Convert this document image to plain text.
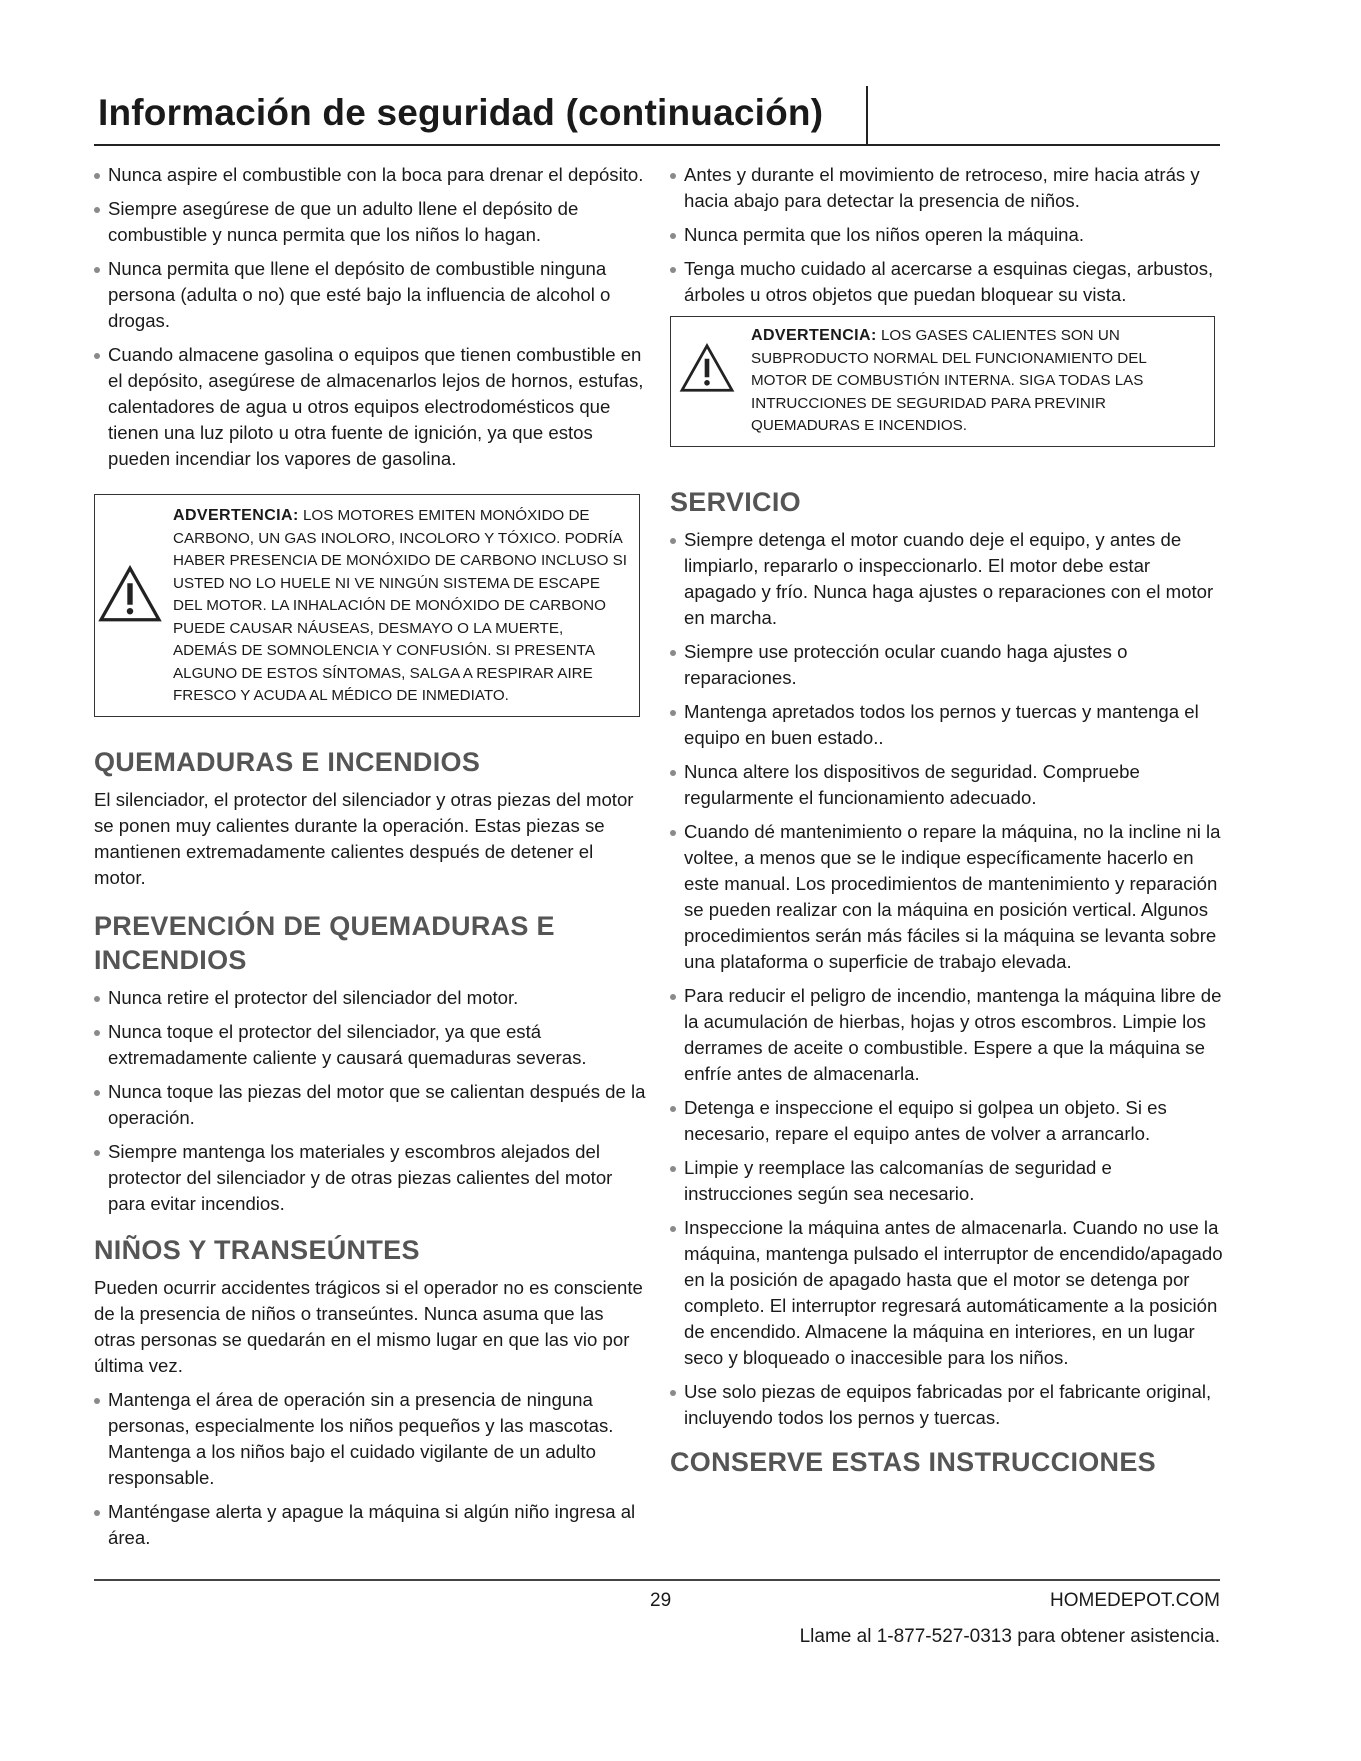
Información de seguridad (continuación)
Nunca aspire el combustible con la boca para drenar el depósito.
Siempre asegúrese de que un adulto llene el depósito de combustible y nunca permita que los niños lo hagan.
Nunca permita que llene el depósito de combustible ninguna persona (adulta o no) que esté bajo la influencia de alcohol o drogas.
Cuando almacene gasolina o equipos que tienen combustible en el depósito, asegúrese de almacenarlos lejos de hornos, estufas, calentadores de agua u otros equipos electrodomésticos que tienen una luz piloto u otra fuente de ignición, ya que estos pueden incendiar los vapores de gasolina.
ADVERTENCIA: LOS MOTORES EMITEN MONÓXIDO DE CARBONO, UN GAS INOLORO, INCOLORO Y TÓXICO. PODRÍA HABER PRESENCIA DE MONÓXIDO DE CARBONO INCLUSO SI USTED NO LO HUELE NI VE NINGÚN SISTEMA DE ESCAPE DEL MOTOR. LA INHALACIÓN DE MONÓXIDO DE CARBONO PUEDE CAUSAR NÁUSEAS, DESMAYO O LA MUERTE, ADEMÁS DE SOMNOLENCIA Y CONFUSIÓN. SI PRESENTA ALGUNO DE ESTOS SÍNTOMAS, SALGA A RESPIRAR AIRE FRESCO Y ACUDA AL MÉDICO DE INMEDIATO.
QUEMADURAS E INCENDIOS

El silenciador, el protector del silenciador y otras piezas del motor se ponen muy calientes durante la operación. Estas piezas se mantienen extremadamente calientes después de detener el motor.

PREVENCIÓN DE QUEMADURAS E INCENDIOS
Nunca retire el protector del silenciador del motor.
Nunca toque el protector del silenciador, ya que está extremadamente caliente y causará quemaduras severas.
Nunca toque las piezas del motor que se calientan después de la operación.
Siempre mantenga los materiales y escombros alejados del protector del silenciador y de otras piezas calientes del motor para evitar incendios.
NIÑOS Y TRANSEÚNTES

Pueden ocurrir accidentes trágicos si el operador no es consciente de la presencia de niños o transeúntes. Nunca asuma que las otras personas se quedarán en el mismo lugar en que las vio por última vez.

Mantenga el área de operación sin a presencia de ninguna personas, especialmente los niños pequeños y las mascotas. Mantenga a los niños bajo el cuidado vigilante de un adulto responsable.
Manténgase alerta y apague la máquina si algún niño ingresa al área.
Antes y durante el movimiento de retroceso, mire hacia atrás y hacia abajo para detectar la presencia de niños.
Nunca permita que los niños operen la máquina.
Tenga mucho cuidado al acercarse a esquinas ciegas, arbustos, árboles u otros objetos que puedan bloquear su vista.
ADVERTENCIA: LOS GASES CALIENTES SON UN SUBPRODUCTO NORMAL DEL FUNCIONAMIENTO DEL MOTOR DE COMBUSTIÓN INTERNA. SIGA TODAS LAS INTRUCCIONES DE SEGURIDAD PARA PREVINIR QUEMADURAS E INCENDIOS.
SERVICIO
Siempre detenga el motor cuando deje el equipo, y antes de limpiarlo, repararlo o inspeccionarlo. El motor debe estar apagado y frío. Nunca haga ajustes o reparaciones con el motor en marcha.
Siempre use protección ocular cuando haga ajustes o reparaciones.
Mantenga apretados todos los pernos y tuercas y mantenga el equipo en buen estado..
Nunca altere los dispositivos de seguridad. Compruebe regularmente el funcionamiento adecuado.
Cuando dé mantenimiento o repare la máquina, no la incline ni la voltee, a menos que se le indique específicamente hacerlo en este manual. Los procedimientos de mantenimiento y reparación se pueden realizar con la máquina en posición vertical. Algunos procedimientos serán más fáciles si la máquina se levanta sobre una plataforma o superficie de trabajo elevada.
Para reducir el peligro de incendio, mantenga la máquina libre de la acumulación de hierbas, hojas y otros escombros. Limpie los derrames de aceite o combustible. Espere a que la máquina se enfríe antes de almacenarla.
Detenga e inspeccione el equipo si golpea un objeto. Si es necesario, repare el equipo antes de volver a arrancarlo.
Limpie y reemplace las calcomanías de seguridad e instrucciones según sea necesario.
Inspeccione la máquina antes de almacenarla. Cuando no use la máquina, mantenga pulsado el interruptor de encendido/apagado en la posición de apagado hasta que el motor se detenga por completo. El interruptor regresará automáticamente a la posición de encendido. Almacene la máquina en interiores, en un lugar seco y bloqueado o inaccesible para los niños.
Use solo piezas de equipos fabricadas por el fabricante original, incluyendo todos los pernos y tuercas.
CONSERVE ESTAS INSTRUCCIONES
29	HOMEDEPOT.COM
Llame al 1-877-527-0313 para obtener asistencia.
